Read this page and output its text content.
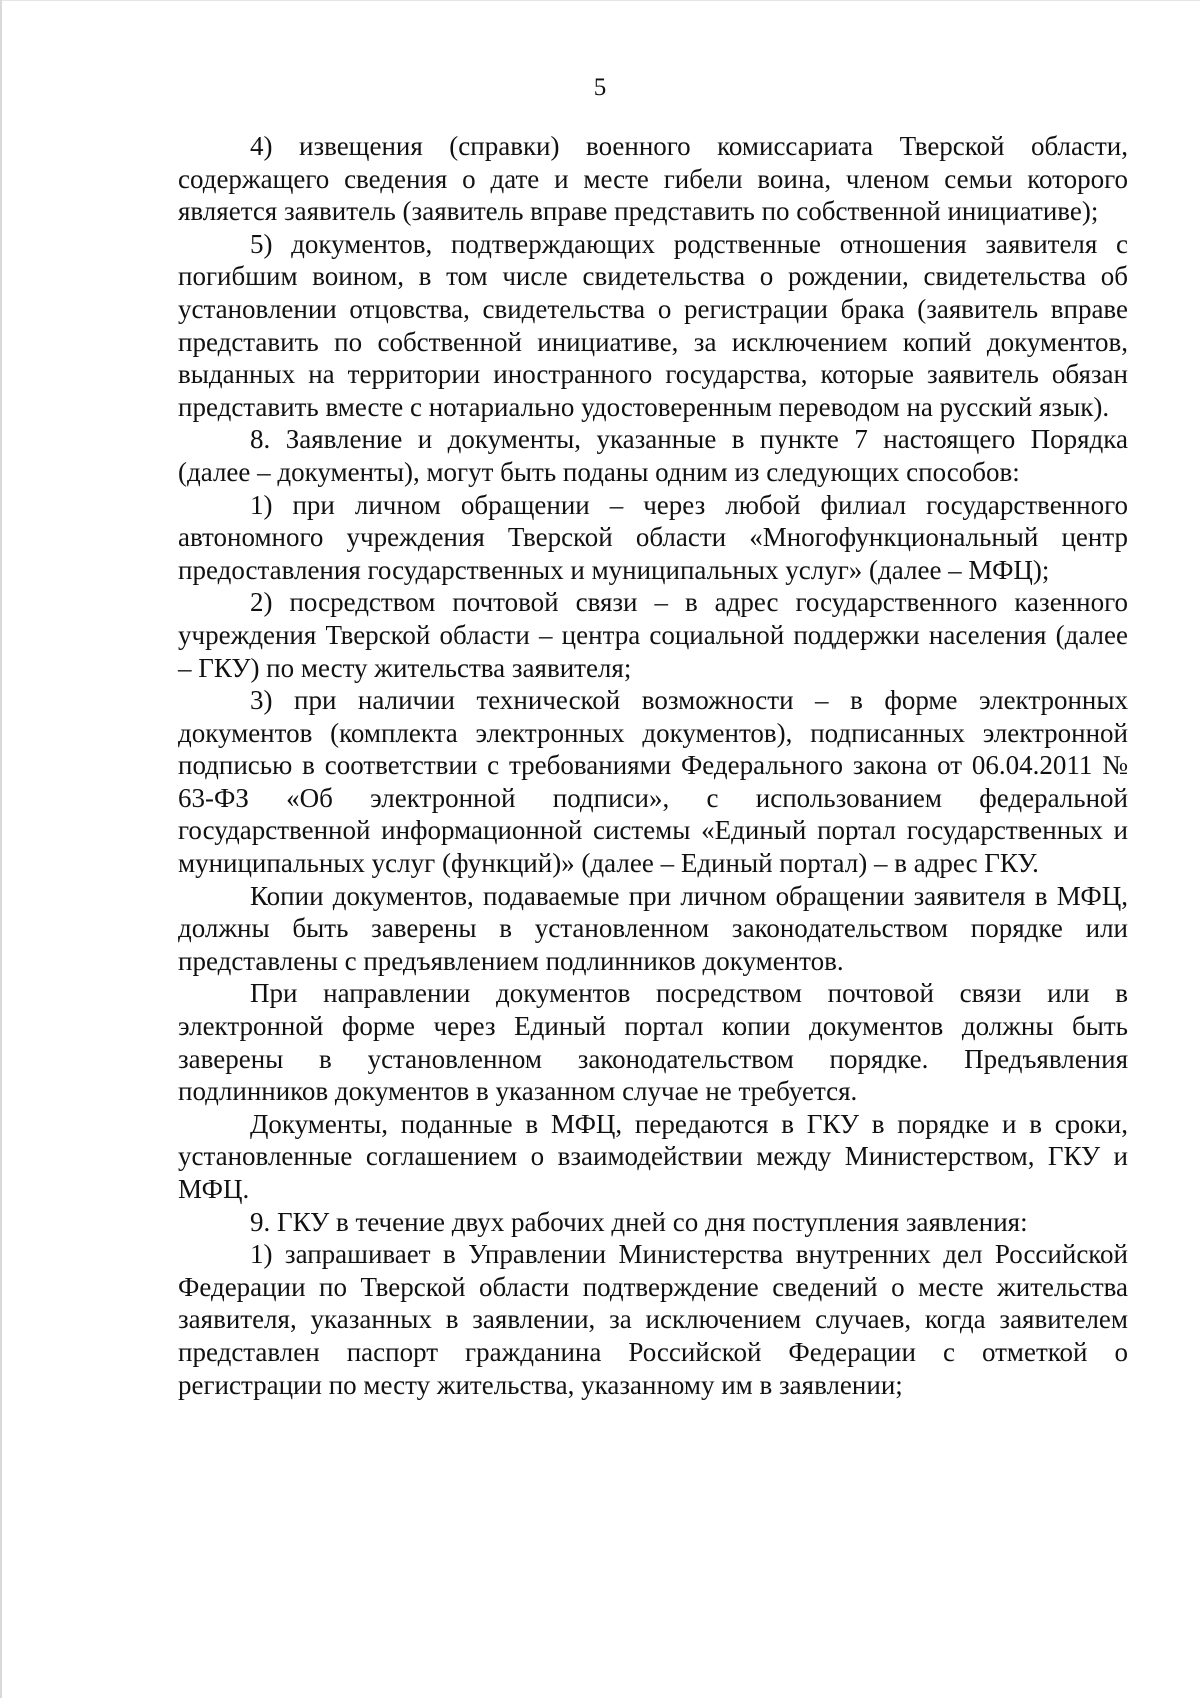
5

4) извещения (справки) военного комиссариата Тверской области, содержащего сведения о дате и месте гибели воина, членом семьи которого является заявитель (заявитель вправе представить по собственной инициативе);

5) документов, подтверждающих родственные отношения заявителя с погибшим воином, в том числе свидетельства о рождении, свидетельства об установлении отцовства, свидетельства о регистрации брака (заявитель вправе представить по собственной инициативе, за исключением копий документов, выданных на территории иностранного государства, которые заявитель обязан представить вместе с нотариально удостоверенным переводом на русский язык).

8. Заявление и документы, указанные в пункте 7 настоящего Порядка (далее – документы), могут быть поданы одним из следующих способов:

1) при личном обращении – через любой филиал государственного автономного учреждения Тверской области «Многофункциональный центр предоставления государственных и муниципальных услуг» (далее – МФЦ);

2) посредством почтовой связи – в адрес государственного казенного учреждения Тверской области – центра социальной поддержки населения (далее – ГКУ) по месту жительства заявителя;

3) при наличии технической возможности – в форме электронных документов (комплекта электронных документов), подписанных электронной подписью в соответствии с требованиями Федерального закона от 06.04.2011 № 63-ФЗ «Об электронной подписи», с использованием федеральной государственной информационной системы «Единый портал государственных и муниципальных услуг (функций)» (далее – Единый портал) – в адрес ГКУ.

Копии документов, подаваемые при личном обращении заявителя в МФЦ, должны быть заверены в установленном законодательством порядке или представлены с предъявлением подлинников документов.

При направлении документов посредством почтовой связи или в электронной форме через Единый портал копии документов должны быть заверены в установленном законодательством порядке. Предъявления подлинников документов в указанном случае не требуется.

Документы, поданные в МФЦ, передаются в ГКУ в порядке и в сроки, установленные соглашением о взаимодействии между Министерством, ГКУ и МФЦ.

9. ГКУ в течение двух рабочих дней со дня поступления заявления:

1) запрашивает в Управлении Министерства внутренних дел Российской Федерации по Тверской области подтверждение сведений о месте жительства заявителя, указанных в заявлении, за исключением случаев, когда заявителем представлен паспорт гражданина Российской Федерации с отметкой о регистрации по месту жительства, указанному им в заявлении;
